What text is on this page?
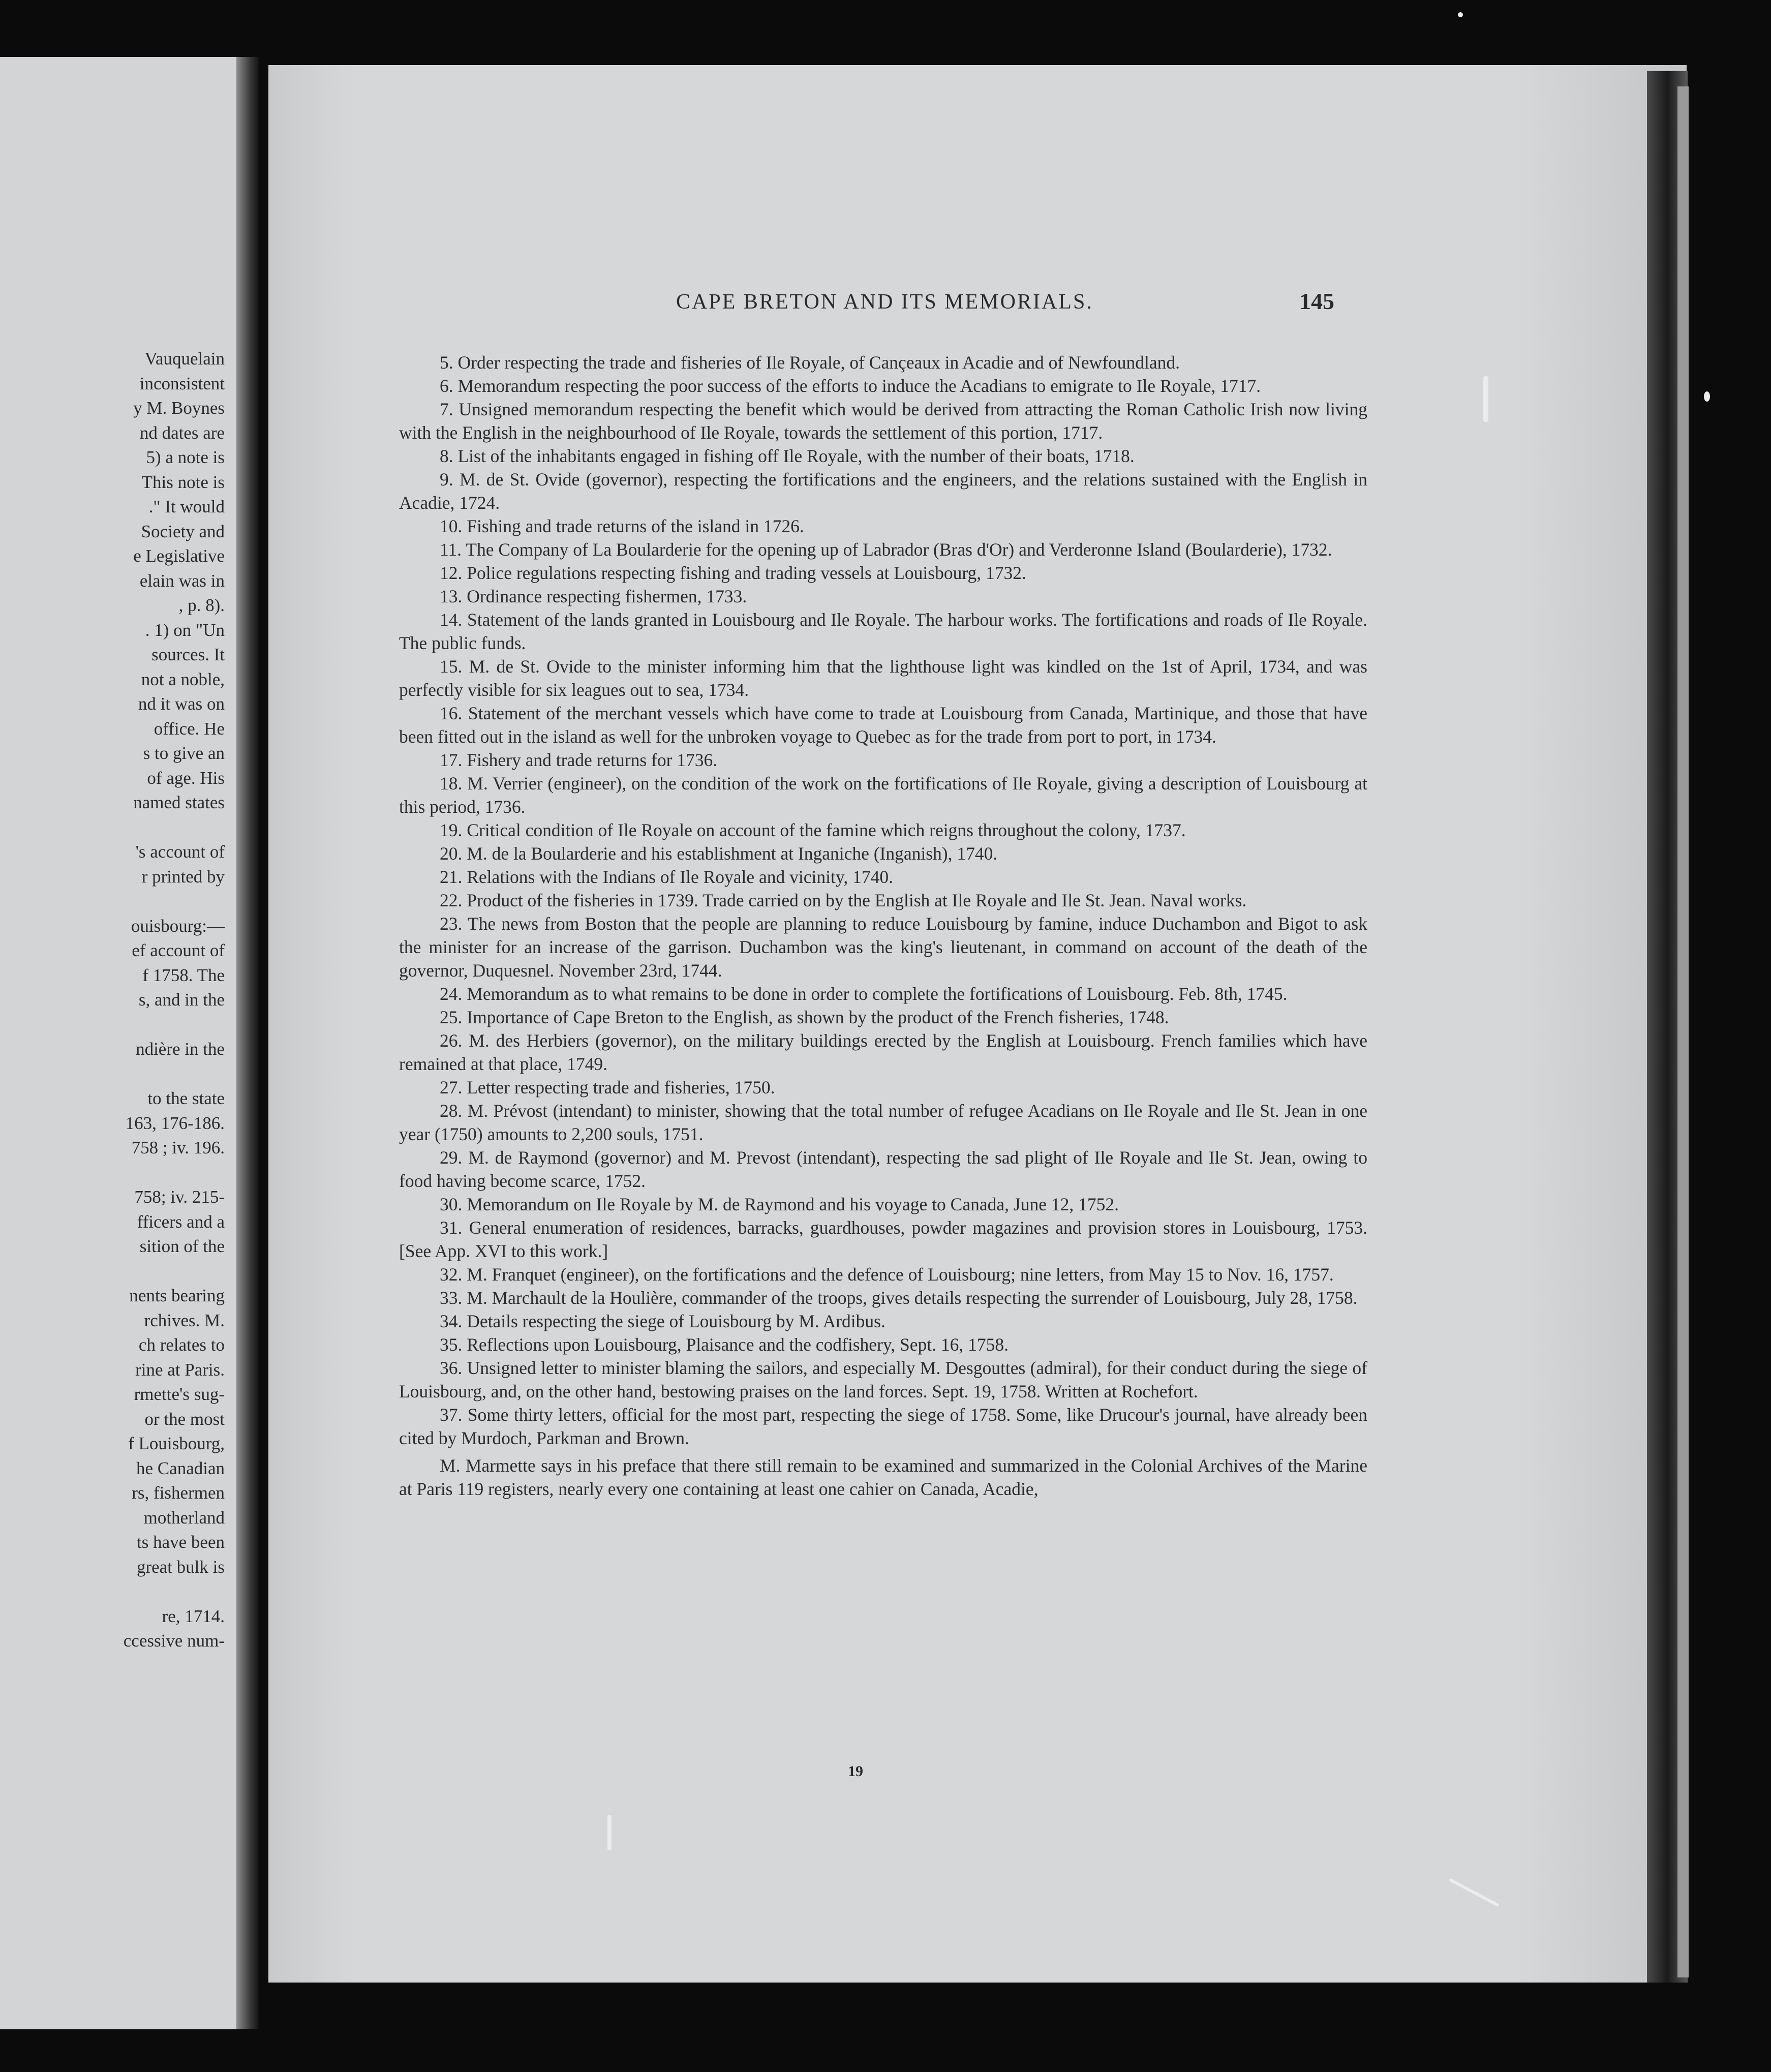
Vauquelain

inconsistent

y M. Boynes

nd dates are

5) a note is

This note is

." It would

Society and

e Legislative

elain was in

, p. 8).

. 1) on "Un

sources. It

not a noble,

nd it was on

office. He

s to give an

of age. His

named states

's account of

r printed by

ouisbourg:—

ef account of

f 1758. The

s, and in the

ndière in the

to the state

163, 176-186.

758 ; iv. 196.

758; iv. 215-

fficers and a

sition of the

nents bearing

rchives. M.

ch relates to

rine at Paris.

rmette's sug-

or the most

f Louisbourg,

he Canadian

rs, fishermen

motherland

ts have been

great bulk is

re, 1714.

ccessive num-

CAPE BRETON AND ITS MEMORIALS.	145

5. Order respecting the trade and fisheries of Ile Royale, of Cançeaux in Acadie and of Newfoundland.

6. Memorandum respecting the poor success of the efforts to induce the Acadians to emigrate to Ile Royale, 1717.

7. Unsigned memorandum respecting the benefit which would be derived from attracting the Roman Catholic Irish now living with the English in the neighbourhood of Ile Royale, towards the settlement of this portion, 1717.

8. List of the inhabitants engaged in fishing off Ile Royale, with the number of their boats, 1718.

9. M. de St. Ovide (governor), respecting the fortifications and the engineers, and the relations sustained with the English in Acadie, 1724.

10. Fishing and trade returns of the island in 1726.

11. The Company of La Boularderie for the opening up of Labrador (Bras d'Or) and Verderonne Island (Boularderie), 1732.

12. Police regulations respecting fishing and trading vessels at Louisbourg, 1732.

13. Ordinance respecting fishermen, 1733.

14. Statement of the lands granted in Louisbourg and Ile Royale. The harbour works. The fortifications and roads of Ile Royale. The public funds.

15. M. de St. Ovide to the minister informing him that the lighthouse light was kindled on the 1st of April, 1734, and was perfectly visible for six leagues out to sea, 1734.

16. Statement of the merchant vessels which have come to trade at Louisbourg from Canada, Martinique, and those that have been fitted out in the island as well for the unbroken voyage to Quebec as for the trade from port to port, in 1734.

17. Fishery and trade returns for 1736.

18. M. Verrier (engineer), on the condition of the work on the fortifications of Ile Royale, giving a description of Louisbourg at this period, 1736.

19. Critical condition of Ile Royale on account of the famine which reigns throughout the colony, 1737.

20. M. de la Boularderie and his establishment at Inganiche (Inganish), 1740.

21. Relations with the Indians of Ile Royale and vicinity, 1740.

22. Product of the fisheries in 1739. Trade carried on by the English at Ile Royale and Ile St. Jean. Naval works.

23. The news from Boston that the people are planning to reduce Louisbourg by famine, induce Duchambon and Bigot to ask the minister for an increase of the garrison. Duchambon was the king's lieutenant, in command on account of the death of the governor, Duquesnel. November 23rd, 1744.

24. Memorandum as to what remains to be done in order to complete the fortifications of Louisbourg. Feb. 8th, 1745.

25. Importance of Cape Breton to the English, as shown by the product of the French fisheries, 1748.

26. M. des Herbiers (governor), on the military buildings erected by the English at Louisbourg. French families which have remained at that place, 1749.

27. Letter respecting trade and fisheries, 1750.

28. M. Prévost (intendant) to minister, showing that the total number of refugee Acadians on Ile Royale and Ile St. Jean in one year (1750) amounts to 2,200 souls, 1751.

29. M. de Raymond (governor) and M. Prevost (intendant), respecting the sad plight of Ile Royale and Ile St. Jean, owing to food having become scarce, 1752.

30. Memorandum on Ile Royale by M. de Raymond and his voyage to Canada, June 12, 1752.

31. General enumeration of residences, barracks, guardhouses, powder magazines and provision stores in Louisbourg, 1753. [See App. XVI to this work.]

32. M. Franquet (engineer), on the fortifications and the defence of Louisbourg; nine letters, from May 15 to Nov. 16, 1757.

33. M. Marchault de la Houlière, commander of the troops, gives details respecting the surrender of Louisbourg, July 28, 1758.

34. Details respecting the siege of Louisbourg by M. Ardibus.

35. Reflections upon Louisbourg, Plaisance and the codfishery, Sept. 16, 1758.

36. Unsigned letter to minister blaming the sailors, and especially M. Desgouttes (admiral), for their conduct during the siege of Louisbourg, and, on the other hand, bestowing praises on the land forces. Sept. 19, 1758. Written at Rochefort.

37. Some thirty letters, official for the most part, respecting the siege of 1758. Some, like Drucour's journal, have already been cited by Murdoch, Parkman and Brown.

M. Marmette says in his preface that there still remain to be examined and summarized in the Colonial Archives of the Marine at Paris 119 registers, nearly every one containing at least one cahier on Canada, Acadie,

19
